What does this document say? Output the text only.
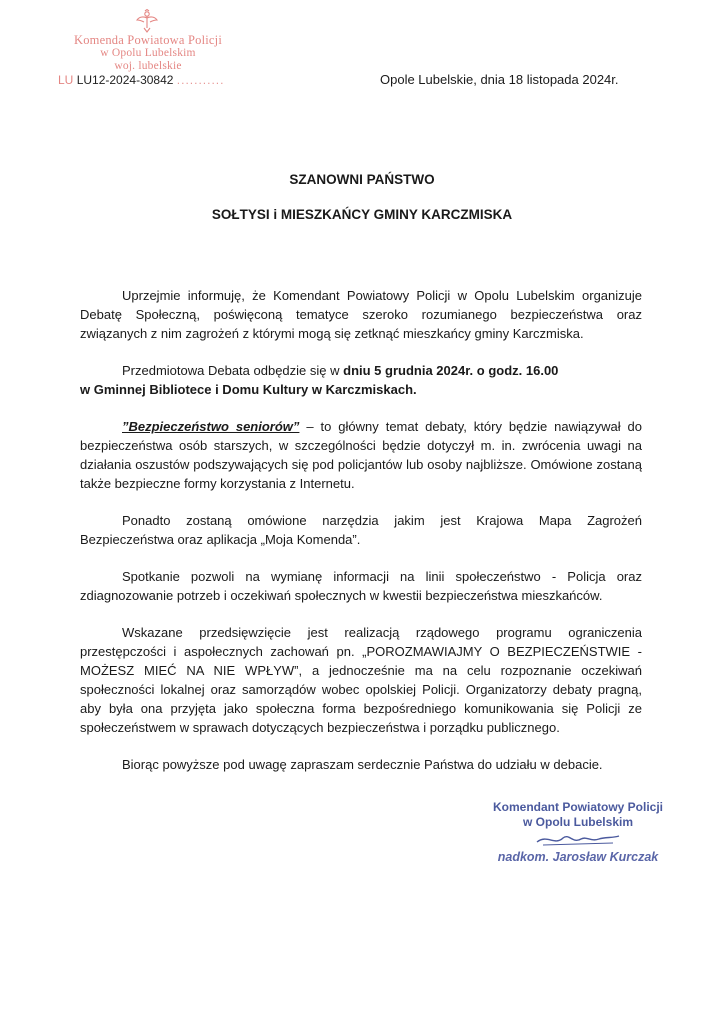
Komenda Powiatowa Policji
w Opolu Lubelskim
woj. lubelskie
LU LU12-2024-30842 ...........	Opole Lubelskie, dnia 18 listopada 2024r.
SZANOWNI PAŃSTWO
SOŁTYSI i MIESZKAŃCY GMINY KARCZMISKA

Uprzejmie informuję, że Komendant Powiatowy Policji w Opolu Lubelskim organizuje Debatę Społeczną, poświęconą tematyce szeroko rozumianego bezpieczeństwa oraz związanych z nim zagrożeń z którymi mogą się zetknąć mieszkańcy gminy Karczmiska.

Przedmiotowa Debata odbędzie się w dniu 5 grudnia 2024r. o godz. 16.00
w Gminnej Bibliotece i Domu Kultury w Karczmiskach.

”Bezpieczeństwo seniorów” – to główny temat debaty, który będzie nawiązywał do bezpieczeństwa osób starszych, w szczególności będzie dotyczył m. in. zwrócenia uwagi na działania oszustów podszywających się pod policjantów lub osoby najbliższe. Omówione zostaną także bezpieczne formy korzystania z Internetu.

Ponadto zostaną omówione narzędzia jakim jest Krajowa Mapa Zagrożeń Bezpieczeństwa oraz aplikacja „Moja Komenda”.

Spotkanie pozwoli na wymianę informacji na linii społeczeństwo - Policja oraz zdiagnozowanie potrzeb i oczekiwań społecznych w kwestii bezpieczeństwa mieszkańców.

Wskazane przedsięwzięcie jest realizacją rządowego programu ograniczenia przestępczości i aspołecznych zachowań pn. „POROZMAWIAJMY O BEZPIECZEŃSTWIE - MOŻESZ MIEĆ NA NIE WPŁYW”, a jednocześnie ma na celu rozpoznanie oczekiwań społeczności lokalnej oraz samorządów wobec opolskiej Policji. Organizatorzy debaty pragną, aby była ona przyjęta jako społeczna forma bezpośredniego komunikowania się Policji ze społeczeństwem w sprawach dotyczących bezpieczeństwa i porządku publicznego.

Biorąc powyższe pod uwagę zapraszam serdecznie Państwa do udziału w debacie.

Komendant Powiatowy Policji
w Opolu Lubelskim
nadkom. Jarosław Kurczak
